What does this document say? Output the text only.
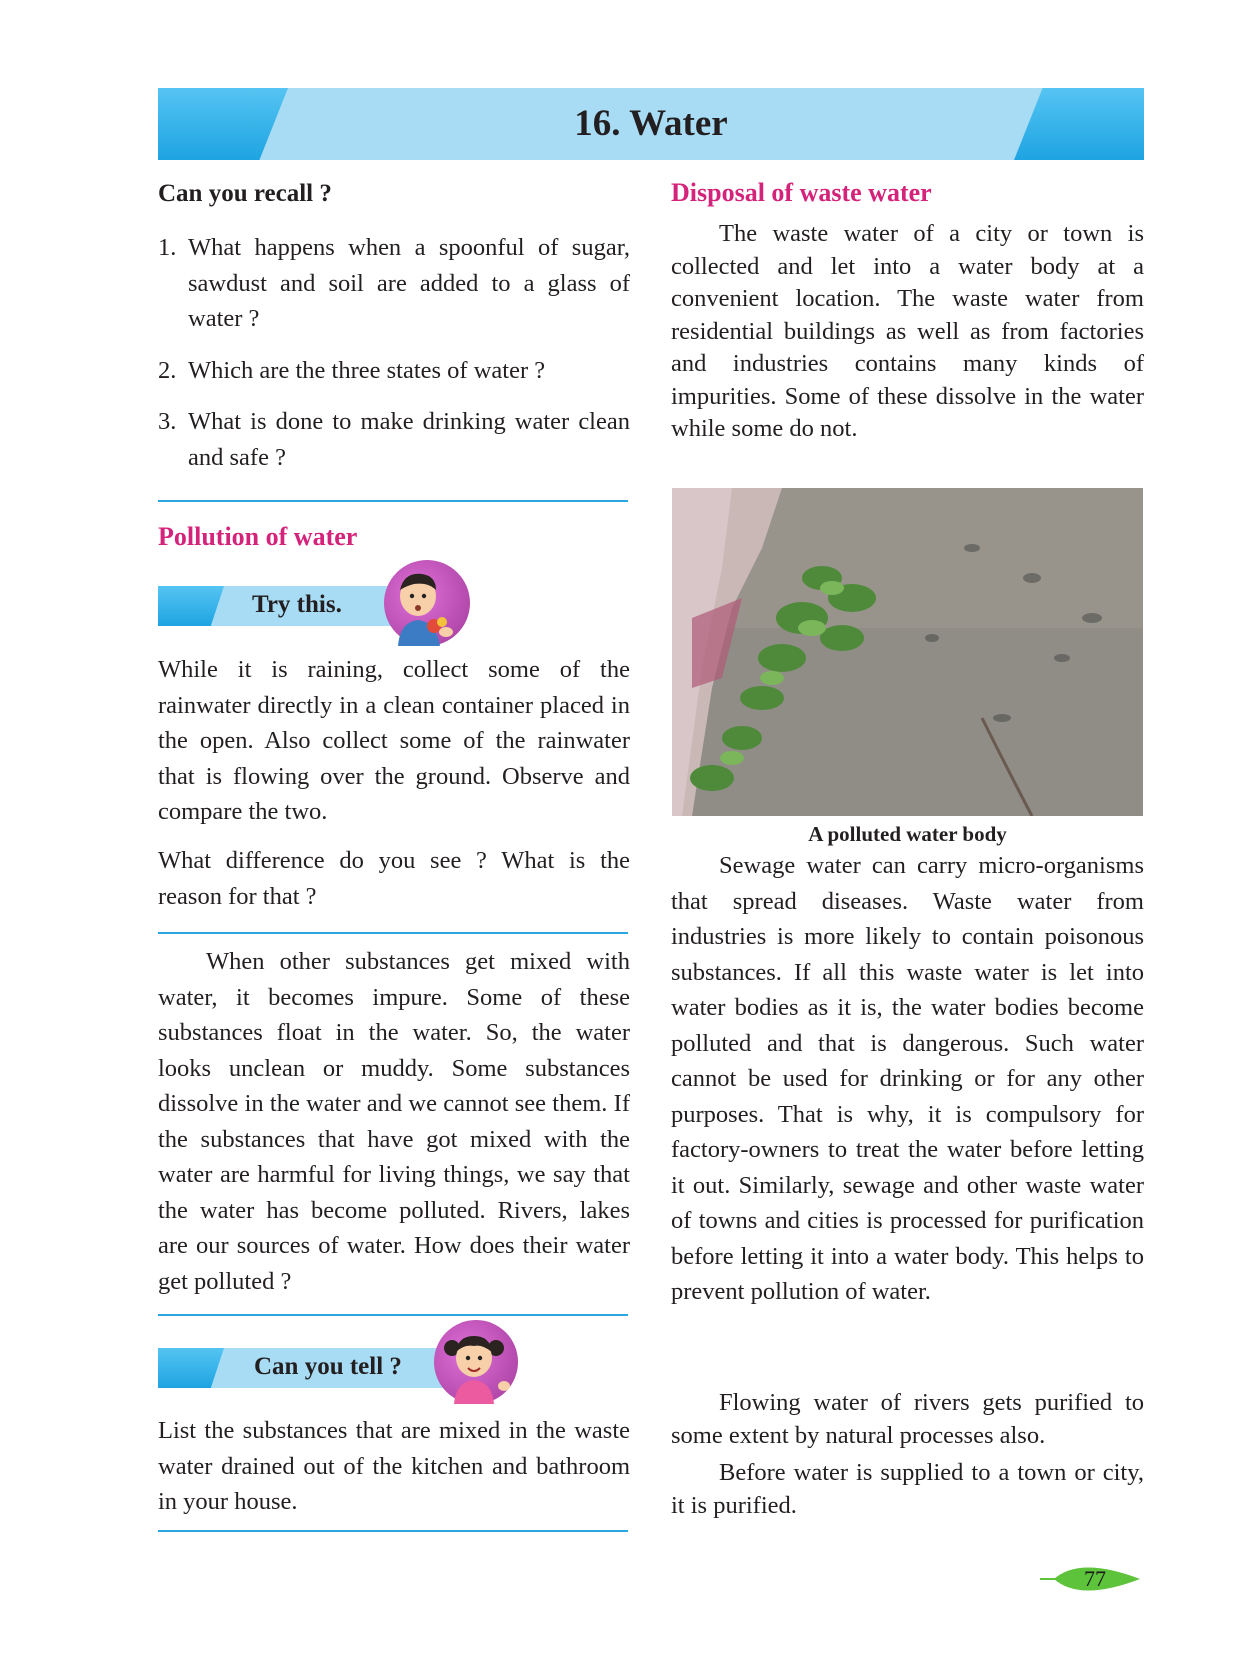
16. Water
Can you recall ?
1. What happens when a spoonful of sugar, sawdust and soil are added to a glass of water ?
2. Which are the three states of water ?
3. What is done to make drinking water clean and safe ?
Pollution of water
Try this.
While it is raining, collect some of the rainwater directly in a clean container placed in the open. Also collect some of the rainwater that is flowing over the ground. Observe and compare the two.
What difference do you see ? What is the reason for that ?
When other substances get mixed with water, it becomes impure. Some of these substances float in the water. So, the water looks unclean or muddy. Some substances dissolve in the water and we cannot see them. If the substances that have got mixed with the water are harmful for living things, we say that the water has become polluted. Rivers, lakes are our sources of water. How does their water get polluted ?
Can you tell ?
List the substances that are mixed in the waste water drained out of the kitchen and bathroom in your house.
Disposal of waste water
The waste water of a city or town is collected and let into a water body at a convenient location. The waste water from residential buildings as well as from factories and industries contains many kinds of impurities. Some of these dissolve in the water while some do not.
A polluted water body
Sewage water can carry micro-organisms that spread diseases. Waste water from industries is more likely to contain poisonous substances. If all this waste water is let into water bodies as it is, the water bodies become polluted and that is dangerous. Such water cannot be used for drinking or for any other purposes. That is why, it is compulsory for factory-owners to treat the water before letting it out. Similarly, sewage and other waste water of towns and cities is processed for purification before letting it into a water body. This helps to prevent pollution of water.
Flowing water of rivers gets purified to some extent by natural processes also.
Before water is supplied to a town or city, it is purified.
77
